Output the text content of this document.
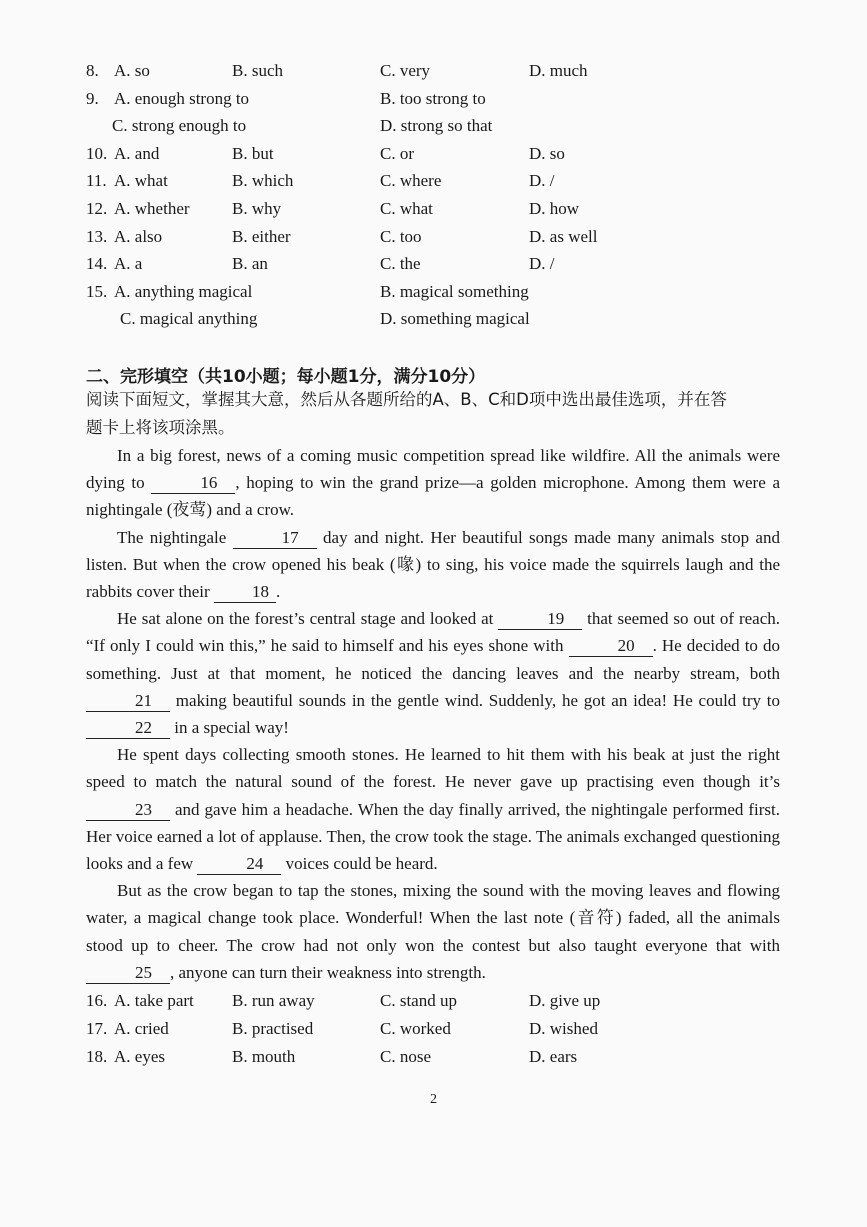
8. A. so	B. such	C. very	D. much
9. A. enough strong to	B. too strong to
C. strong enough to	D. strong so that
10. A. and	B. but	C. or	D. so
11. A. what	B. which	C. where	D. /
12. A. whether B. why	C. what	D. how
13. A. also	B. either	C. too	D. as well
14. A. a	B. an	C. the	D. /
15. A. anything magical	B. magical something
C. magical anything	D. something magical
二、完形填空（共10小题；每小题1分，满分10分）
阅读下面短文，掌握其大意，然后从各题所给的A、B、C和D项中选出最佳选项，并在答
题卡上将该项涂黑。

In a big forest, news of a coming music competition spread like wildfire. All the animals were dying to	16 , hoping to win the grand prize—a golden microphone. Among them were a nightingale (夜莺) and a crow.

The nightingale	17 day and night. Her beautiful songs made many animals stop and listen. But when the crow opened his beak (喙) to sing, his voice made the squirrels laugh and the rabbits cover their 18 .

He sat alone on the forest’s central stage and looked at	19 that seemed so out of reach. “If only I could win this,” he said to himself and his eyes shone with	20 . He decided to do something. Just at that moment, he noticed the dancing leaves and the nearby stream, both 21 making beautiful sounds in the gentle wind. Suddenly, he got an idea! He could try to 22 in a special way!

He spent days collecting smooth stones. He learned to hit them with his beak at just the right speed to match the natural sound of the forest. He never gave up practising even though it’s 23 and gave him a headache. When the day finally arrived, the nightingale performed first. Her voice earned a lot of applause. Then, the crow took the stage. The animals exchanged questioning looks and a few	24 voices could be heard.

But as the crow began to tap the stones, mixing the sound with the moving leaves and flowing water, a magical change took place. Wonderful! When the last note (音符) faded, all the animals stood up to cheer. The crow had not only won the contest but also taught everyone that with 25 , anyone can turn their weakness into strength.

16. A. take part B. run away	C. stand up	D. give up
17. A. cried	B. practised	C. worked	D. wished
18. A. eyes	B. mouth	C. nose	D. ears
2
